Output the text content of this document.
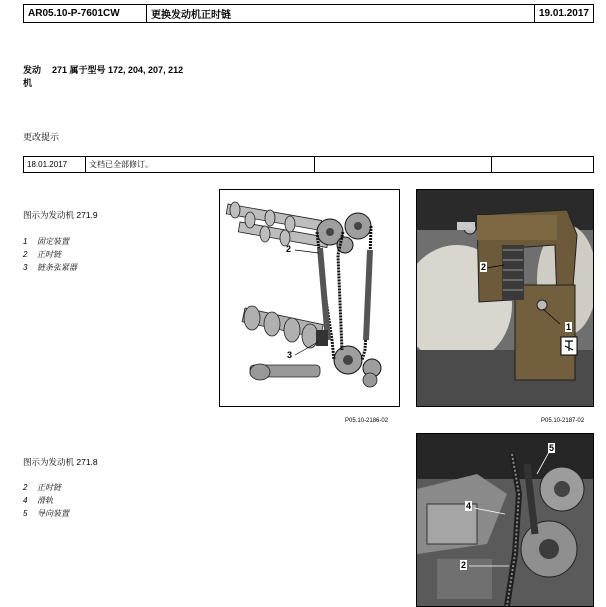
AR05.10-P-7601CW	更换发动机正时链	19.01.2017
发动
机
271 属于型号 172, 204, 207, 212
更改提示
18.01.2017	文档已全部修订。		
图示为发动机 271.9
1 固定装置
2 正时链
3 链条张紧器
2
3
P05.10-2186-02
2
1
P05.10-2187-02
图示为发动机 271.8
2 正时链
4 滑轨
5 导向装置
5
4
2
